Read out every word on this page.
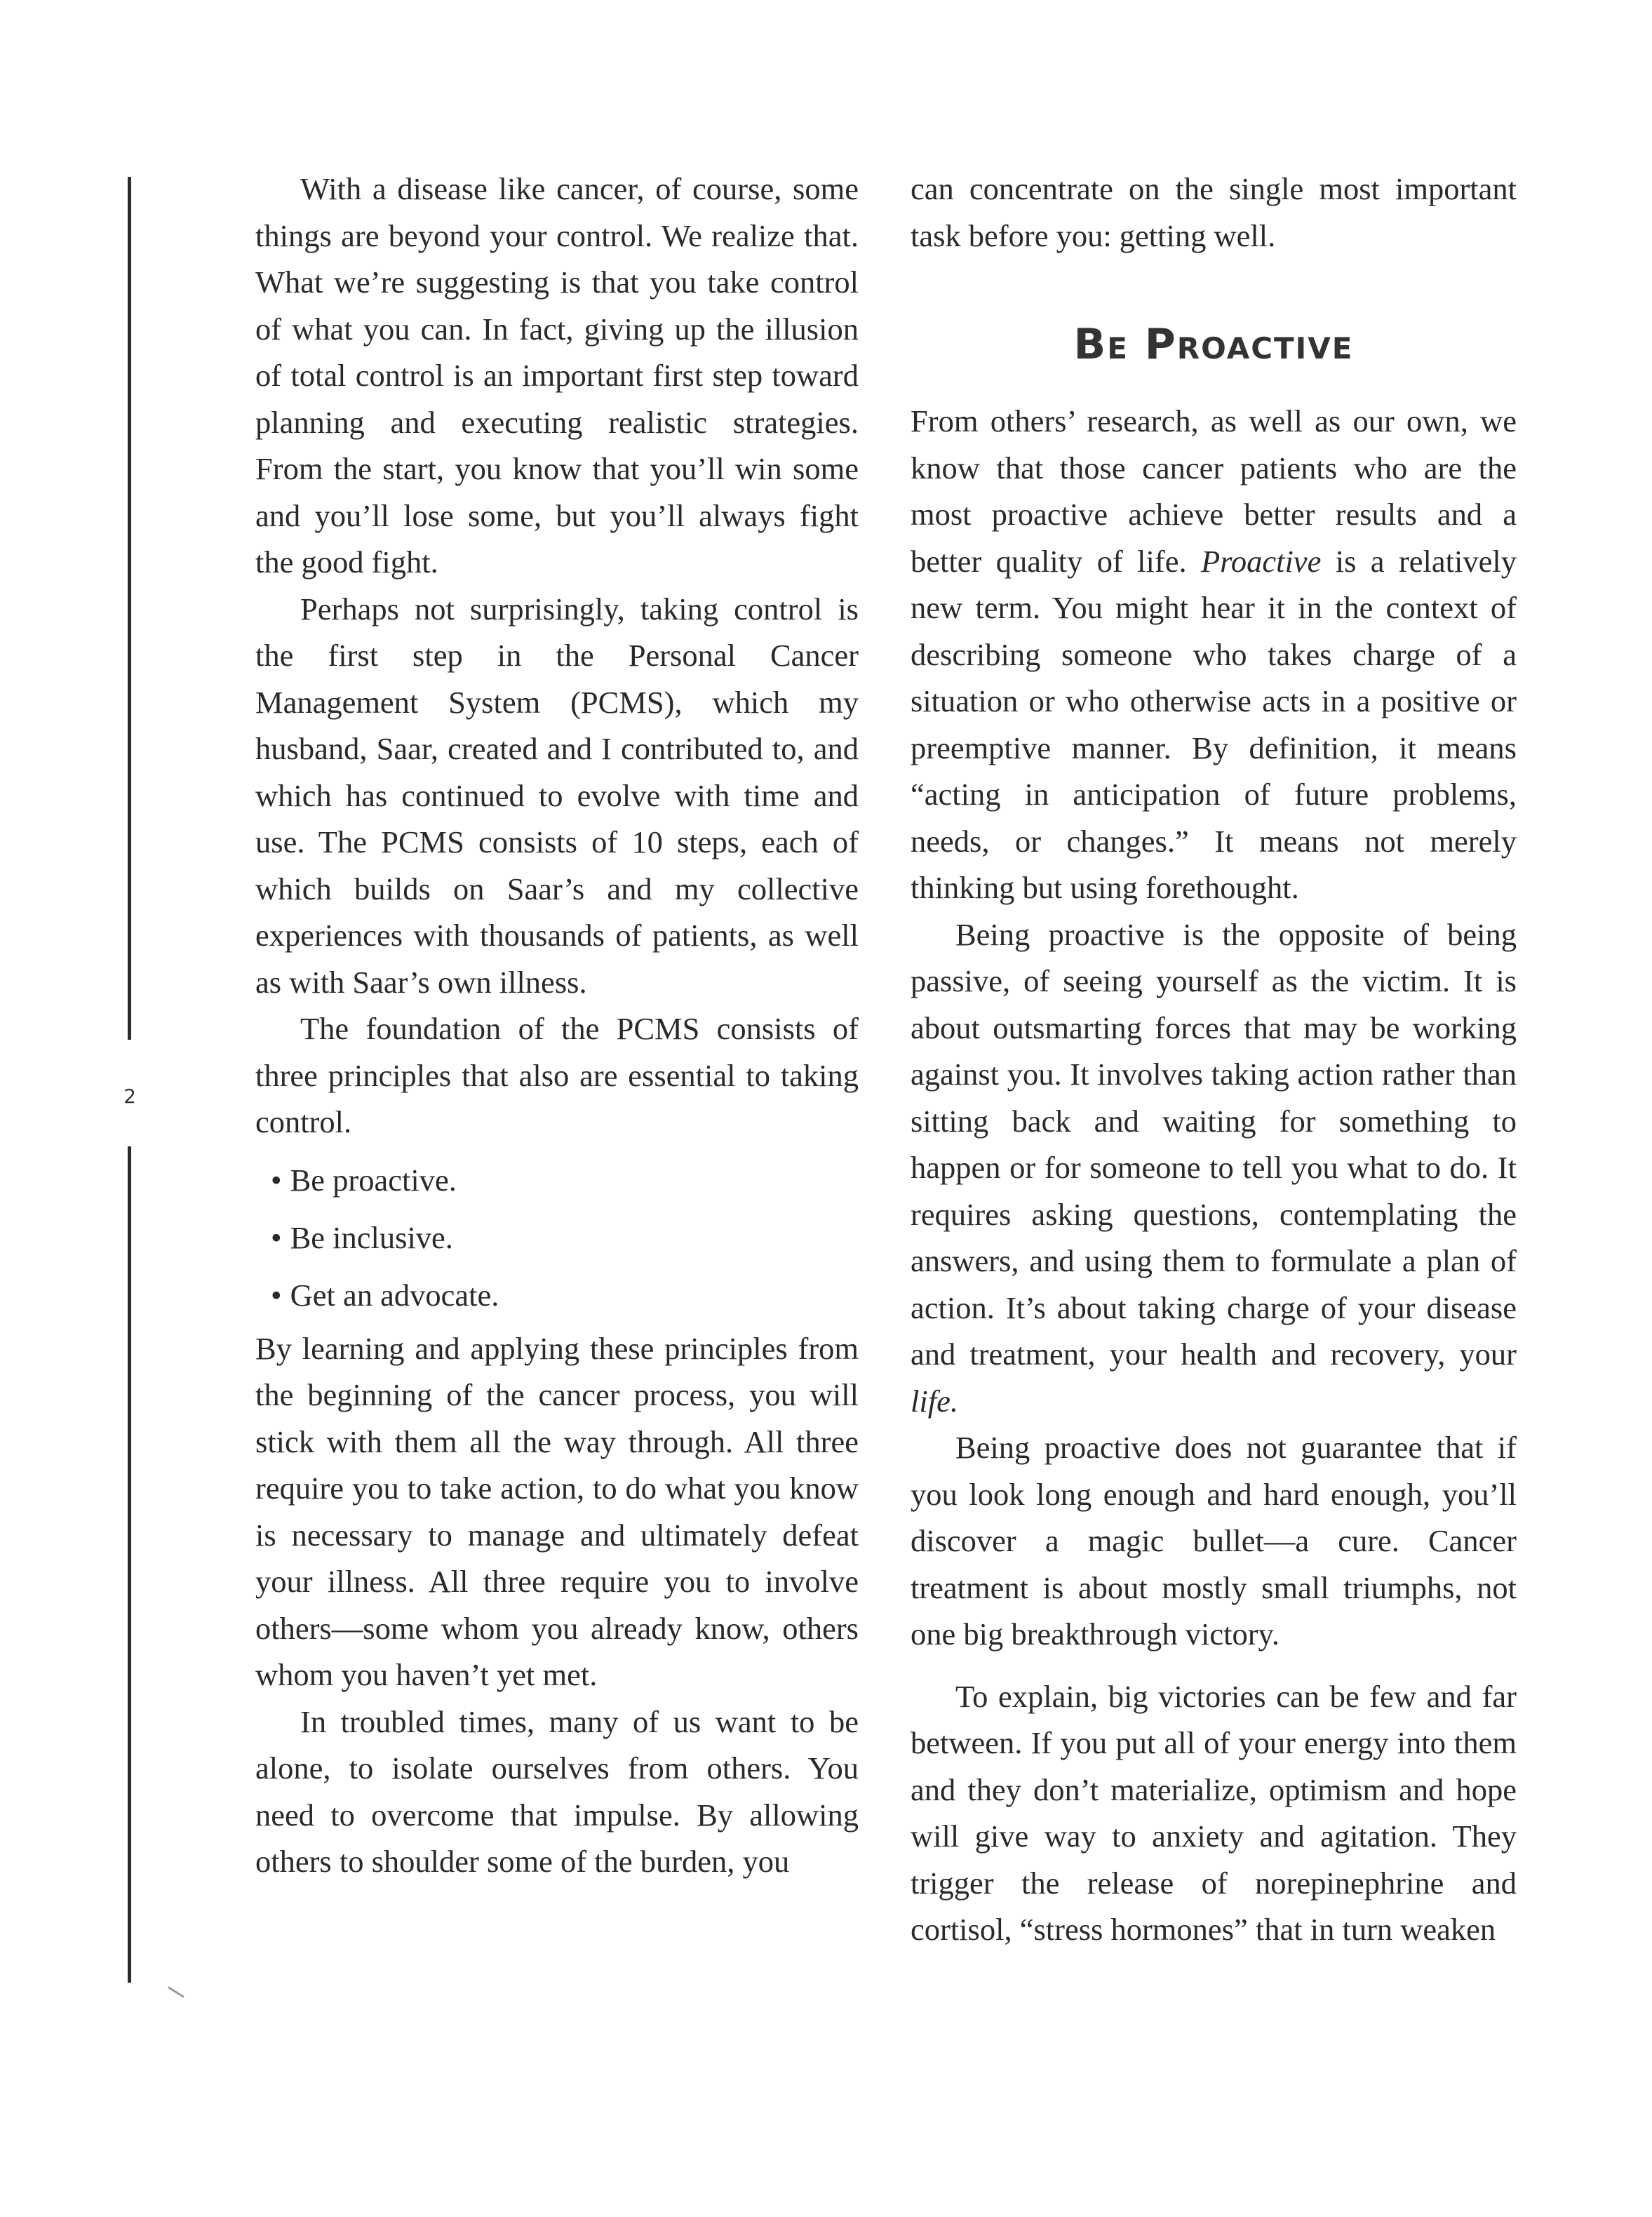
2

With a disease like cancer, of course, some things are beyond your control. We realize that. What we’re suggesting is that you take control of what you can. In fact, giving up the illusion of total control is an important first step toward planning and executing realistic strategies. From the start, you know that you’ll win some and you’ll lose some, but you’ll always fight the good fight.

Perhaps not surprisingly, taking control is the first step in the Personal Cancer Management System (PCMS), which my husband, Saar, created and I contributed to, and which has continued to evolve with time and use. The PCMS consists of 10 steps, each of which builds on Saar’s and my collective experiences with thousands of patients, as well as with Saar’s own illness.

The foundation of the PCMS consists of three principles that also are essential to taking control.

• Be proactive.
• Be inclusive.
• Get an advocate.

By learning and applying these principles from the beginning of the cancer process, you will stick with them all the way through. All three require you to take action, to do what you know is necessary to manage and ultimately defeat your illness. All three require you to involve others—some whom you already know, others whom you haven’t yet met.

In troubled times, many of us want to be alone, to isolate ourselves from others. You need to overcome that impulse. By allowing others to shoulder some of the burden, you

can concentrate on the single most important task before you: getting well.

Be Proactive

From others’ research, as well as our own, we know that those cancer patients who are the most proactive achieve better results and a better quality of life. Proactive is a relatively new term. You might hear it in the context of describing someone who takes charge of a situation or who otherwise acts in a positive or preemptive manner. By definition, it means “acting in anticipation of future problems, needs, or changes.” It means not merely thinking but using forethought.

Being proactive is the opposite of being passive, of seeing yourself as the victim. It is about outsmarting forces that may be working against you. It involves taking action rather than sitting back and waiting for something to happen or for someone to tell you what to do. It requires asking questions, contemplating the answers, and using them to formulate a plan of action. It’s about taking charge of your disease and treatment, your health and recovery, your life.

Being proactive does not guarantee that if you look long enough and hard enough, you’ll discover a magic bullet—a cure. Cancer treatment is about mostly small triumphs, not one big breakthrough victory.

To explain, big victories can be few and far between. If you put all of your energy into them and they don’t materialize, optimism and hope will give way to anxiety and agitation. They trigger the release of norepinephrine and cortisol, “stress hormones” that in turn weaken
